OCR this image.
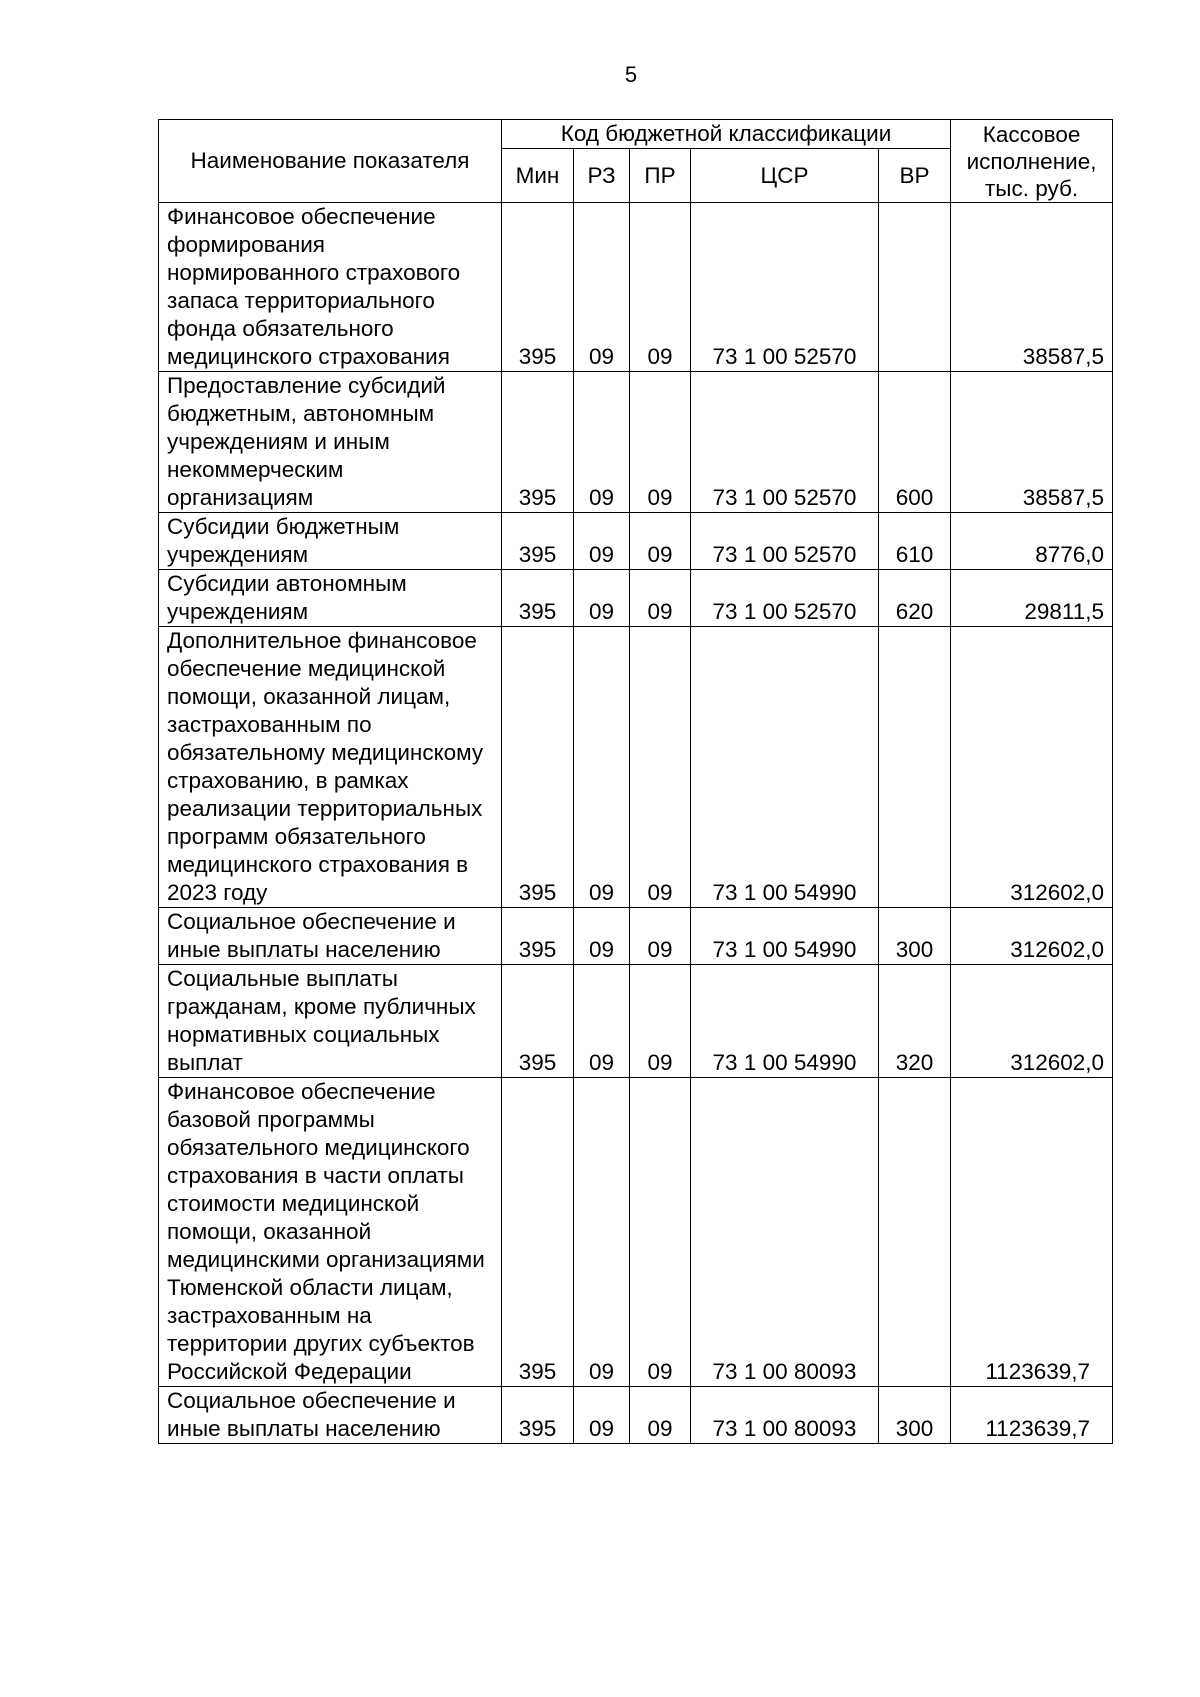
5
Наименование показателя	Код бюджетной классификации					Кассовое
исполнение,
тыс. руб.
	Мин	РЗ	ПР	ЦСР	ВР	
Финансовое обеспечение формирования нормированного страхового запаса территориального фонда обязательного медицинского страхования	395	09	09	73 1 00 52570		38587,5
Предоставление субсидий бюджетным, автономным учреждениям и иным некоммерческим организациям	395	09	09	73 1 00 52570	600	38587,5
Субсидии бюджетным учреждениям	395	09	09	73 1 00 52570	610	8776,0
Субсидии автономным учреждениям	395	09	09	73 1 00 52570	620	29811,5
Дополнительное финансовое обеспечение медицинской помощи, оказанной лицам, застрахованным по обязательному медицинскому страхованию, в рамках реализации территориальных программ обязательного медицинского страхования в 2023 году	395	09	09	73 1 00 54990		312602,0
Социальное обеспечение и иные выплаты населению	395	09	09	73 1 00 54990	300	312602,0
Социальные выплаты гражданам, кроме публичных нормативных социальных выплат	395	09	09	73 1 00 54990	320	312602,0
Финансовое обеспечение базовой программы обязательного медицинского страхования в части оплаты стоимости медицинской помощи, оказанной медицинскими организациями Тюменской области лицам, застрахованным на территории других субъектов Российской Федерации	395	09	09	73 1 00 80093		1123639,7
Социальное обеспечение и иные выплаты населению	395	09	09	73 1 00 80093	300	1123639,7
